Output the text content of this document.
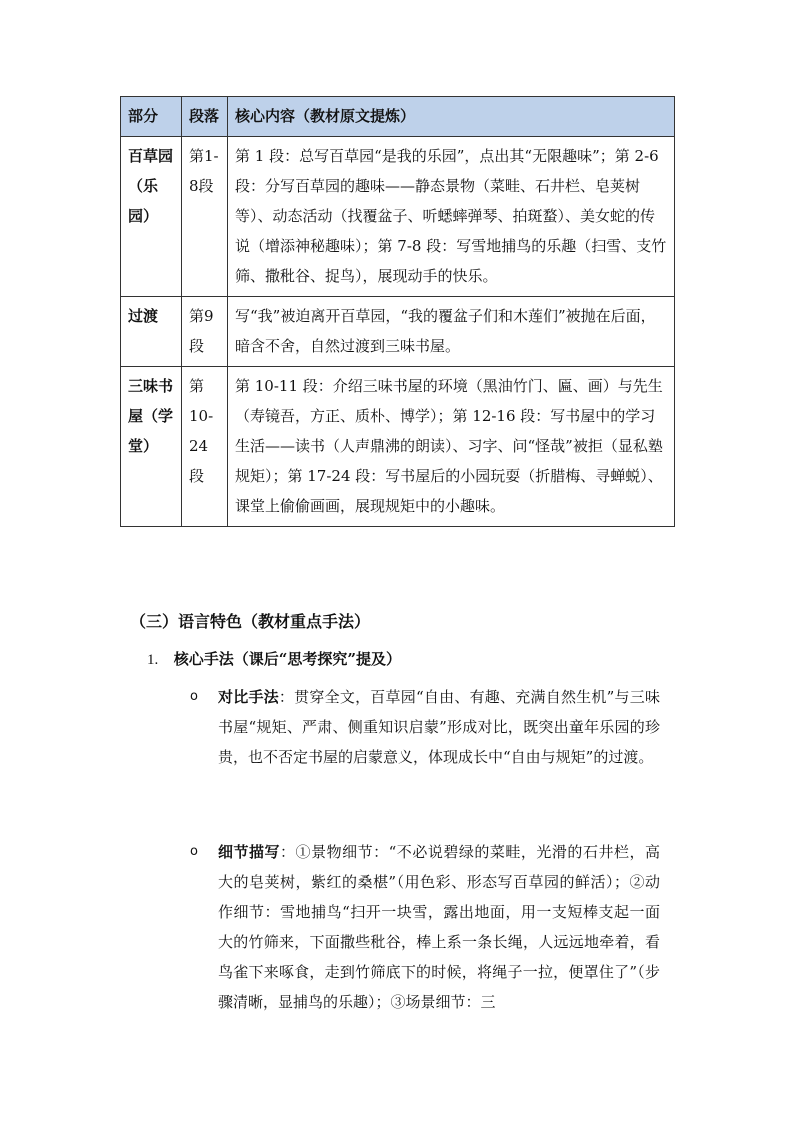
部分	段落	核心内容（教材原文提炼）
百草园（乐园）	第1-8段	第 1 段：总写百草园“是我的乐园”，点出其“无限趣味”；第 2-6 段：分写百草园的趣味——静态景物（菜畦、石井栏、皂荚树等）、动态活动（找覆盆子、听蟋蟀弹琴、拍斑蝥）、美女蛇的传说（增添神秘趣味）；第 7-8 段：写雪地捕鸟的乐趣（扫雪、支竹筛、撒秕谷、捉鸟），展现动手的快乐。
过渡	第9段	写“我”被迫离开百草园，“我的覆盆子们和木莲们”被抛在后面，暗含不舍，自然过渡到三味书屋。
三味书屋（学堂）	第10-24段	第 10-11 段：介绍三味书屋的环境（黑油竹门、匾、画）与先生（寿镜吾，方正、质朴、博学）；第 12-16 段：写书屋中的学习生活——读书（人声鼎沸的朗读）、习字、问“怪哉”被拒（显私塾规矩）；第 17-24 段：写书屋后的小园玩耍（折腊梅、寻蝉蜕）、课堂上偷偷画画，展现规矩中的小趣味。
（三）语言特色（教材重点手法）
1. 核心手法（课后“思考探究”提及）
o 对比手法：贯穿全文，百草园“自由、有趣、充满自然生机”与三味书屋“规矩、严肃、侧重知识启蒙”形成对比，既突出童年乐园的珍贵，也不否定书屋的启蒙意义，体现成长中“自由与规矩”的过渡。
o 细节描写：①景物细节：“不必说碧绿的菜畦，光滑的石井栏，高大的皂荚树，紫红的桑椹”（用色彩、形态写百草园的鲜活）；②动作细节：雪地捕鸟“扫开一块雪，露出地面，用一支短棒支起一面大的竹筛来，下面撒些秕谷，棒上系一条长绳，人远远地牵着，看鸟雀下来啄食，走到竹筛底下的时候，将绳子一拉，便罩住了”（步骤清晰，显捕鸟的乐趣）；③场景细节：三
